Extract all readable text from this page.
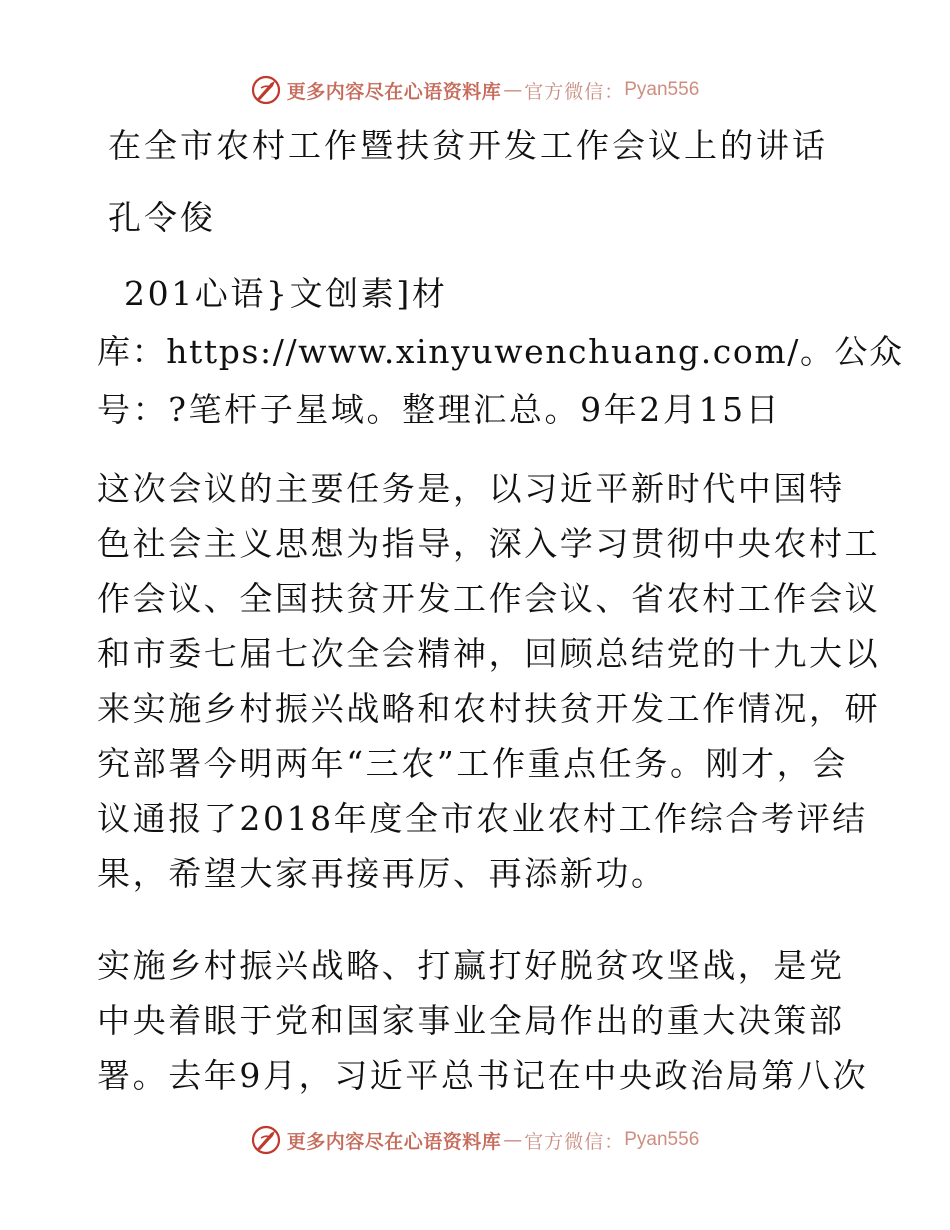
更多内容尽在心语资料库 — 官方微信： Pyan556
在全市农村工作暨扶贫开发工作会议上的讲话
孔令俊
201心语}文创素]材
库：https://www.xinyuwenchuang.com/。公众
号：?笔杆子星域。整理汇总。9年2月15日
这次会议的主要任务是，以习近平新时代中国特
色社会主义思想为指导，深入学习贯彻中央农村工
作会议、全国扶贫开发工作会议、省农村工作会议
和市委七届七次全会精神，回顾总结党的十九大以
来实施乡村振兴战略和农村扶贫开发工作情况，研
究部署今明两年“三农”工作重点任务。刚才，会
议通报了2018年度全市农业农村工作综合考评结
果，希望大家再接再厉、再添新功。
实施乡村振兴战略、打赢打好脱贫攻坚战，是党
中央着眼于党和国家事业全局作出的重大决策部
署。去年9月，习近平总书记在中央政治局第八次
更多内容尽在心语资料库 — 官方微信： Pyan556
